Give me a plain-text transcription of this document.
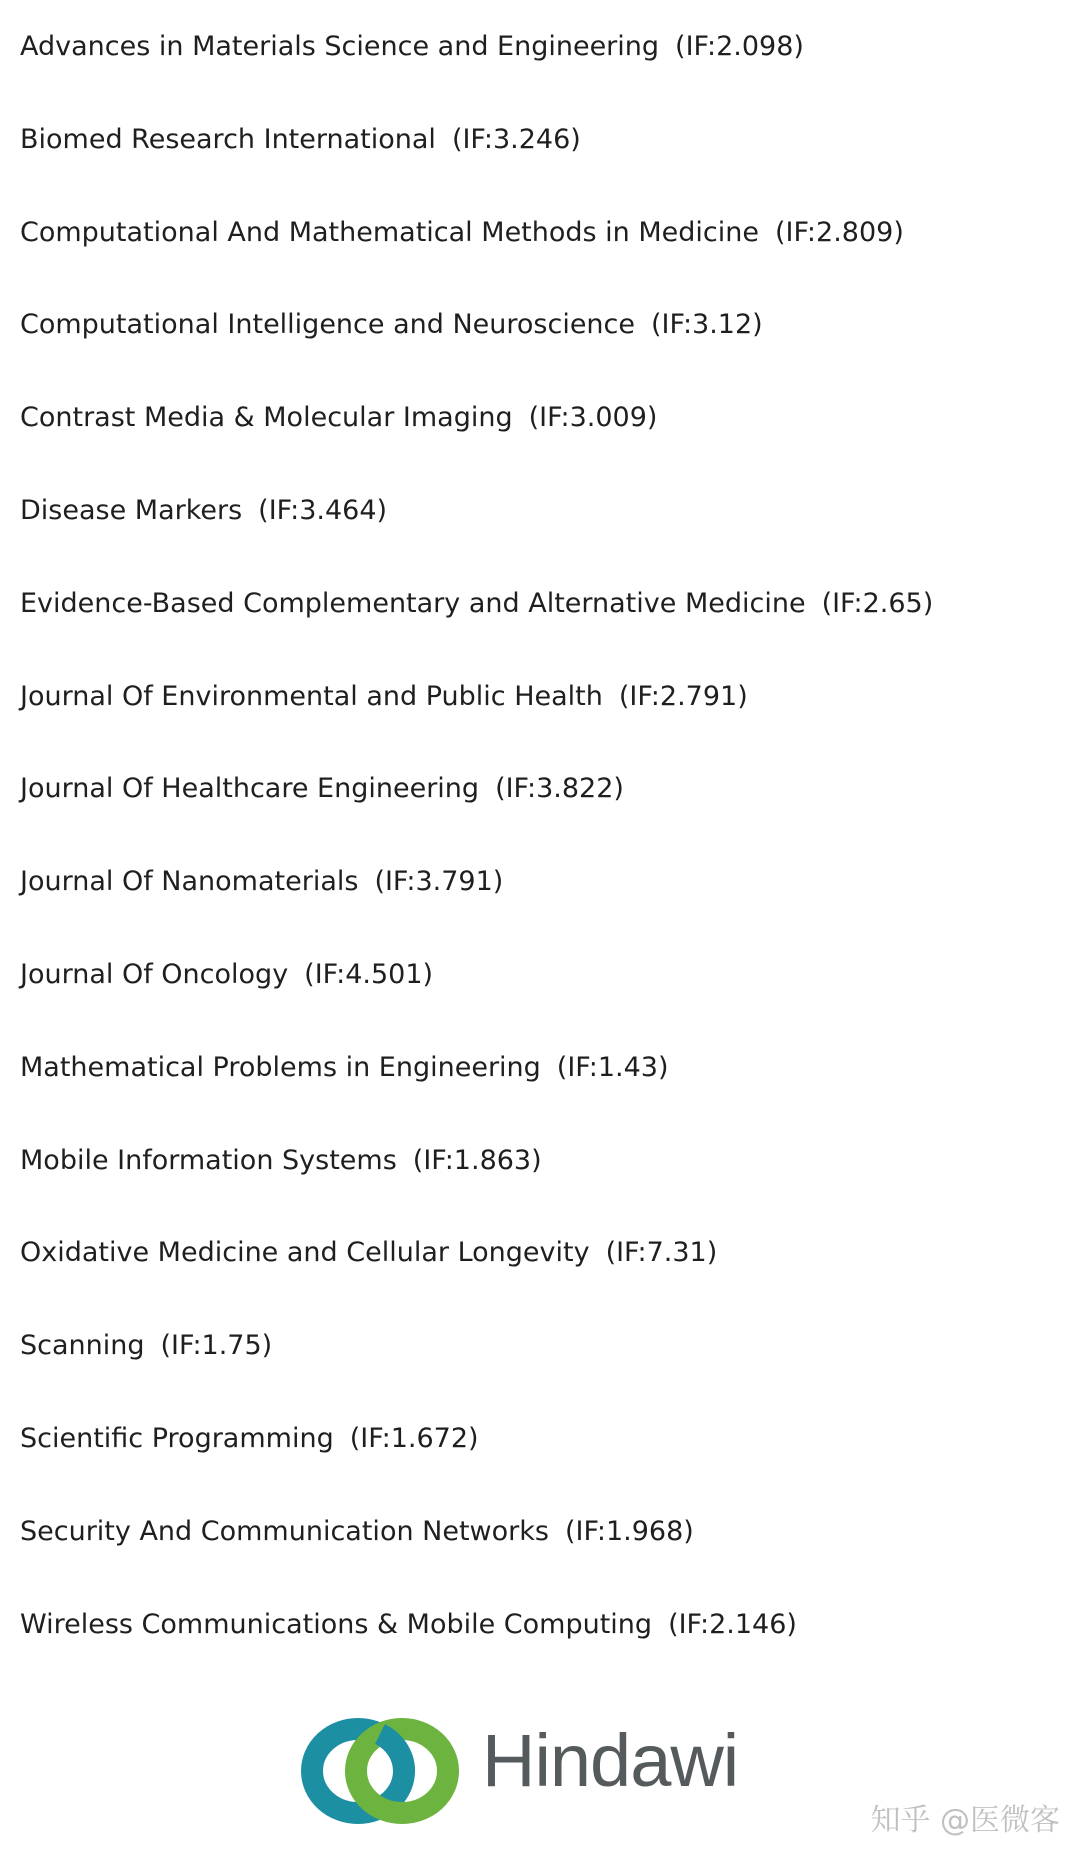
Advances in Materials Science and Engineering (IF:2.098)
Biomed Research International (IF:3.246)
Computational And Mathematical Methods in Medicine (IF:2.809)
Computational Intelligence and Neuroscience (IF:3.12)
Contrast Media & Molecular Imaging (IF:3.009)
Disease Markers (IF:3.464)
Evidence-Based Complementary and Alternative Medicine (IF:2.65)
Journal Of Environmental and Public Health (IF:2.791)
Journal Of Healthcare Engineering (IF:3.822)
Journal Of Nanomaterials (IF:3.791)
Journal Of Oncology (IF:4.501)
Mathematical Problems in Engineering (IF:1.43)
Mobile Information Systems (IF:1.863)
Oxidative Medicine and Cellular Longevity (IF:7.31)
Scanning (IF:1.75)
Scientific Programming (IF:1.672)
Security And Communication Networks (IF:1.968)
Wireless Communications & Mobile Computing (IF:2.146)
Hindawi
知乎 @医微客
